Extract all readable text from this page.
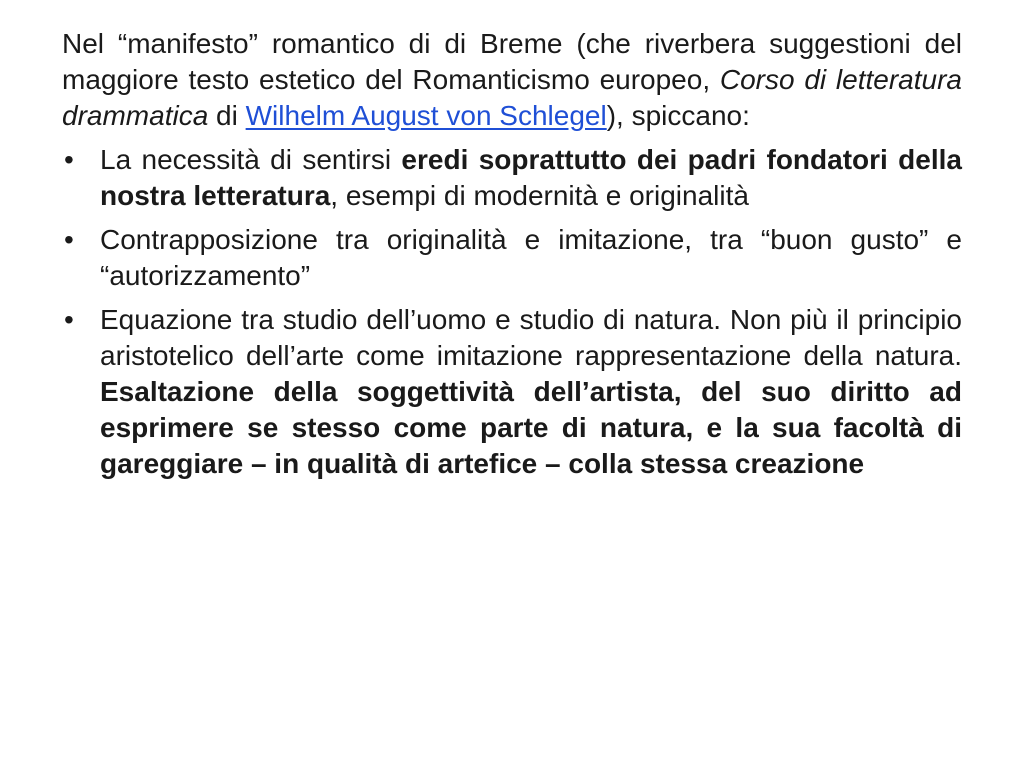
Nel “manifesto” romantico di di Breme (che riverbera suggestioni del maggiore testo estetico del Romanticismo europeo, Corso di letteratura drammatica di Wilhelm August von Schlegel), spiccano:

• La necessità di sentirsi eredi soprattutto dei padri fondatori della nostra letteratura, esempi di modernità e originalità
• Contrapposizione tra originalità e imitazione, tra “buon gusto” e “autorizzamento”
• Equazione tra studio dell’uomo e studio di natura. Non più il principio aristotelico dell’arte come imitazione rappresentazione della natura. Esaltazione della soggettività dell’artista, del suo diritto ad esprimere se stesso come parte di natura, e la sua facoltà di gareggiare – in qualità di artefice – colla stessa creazione
